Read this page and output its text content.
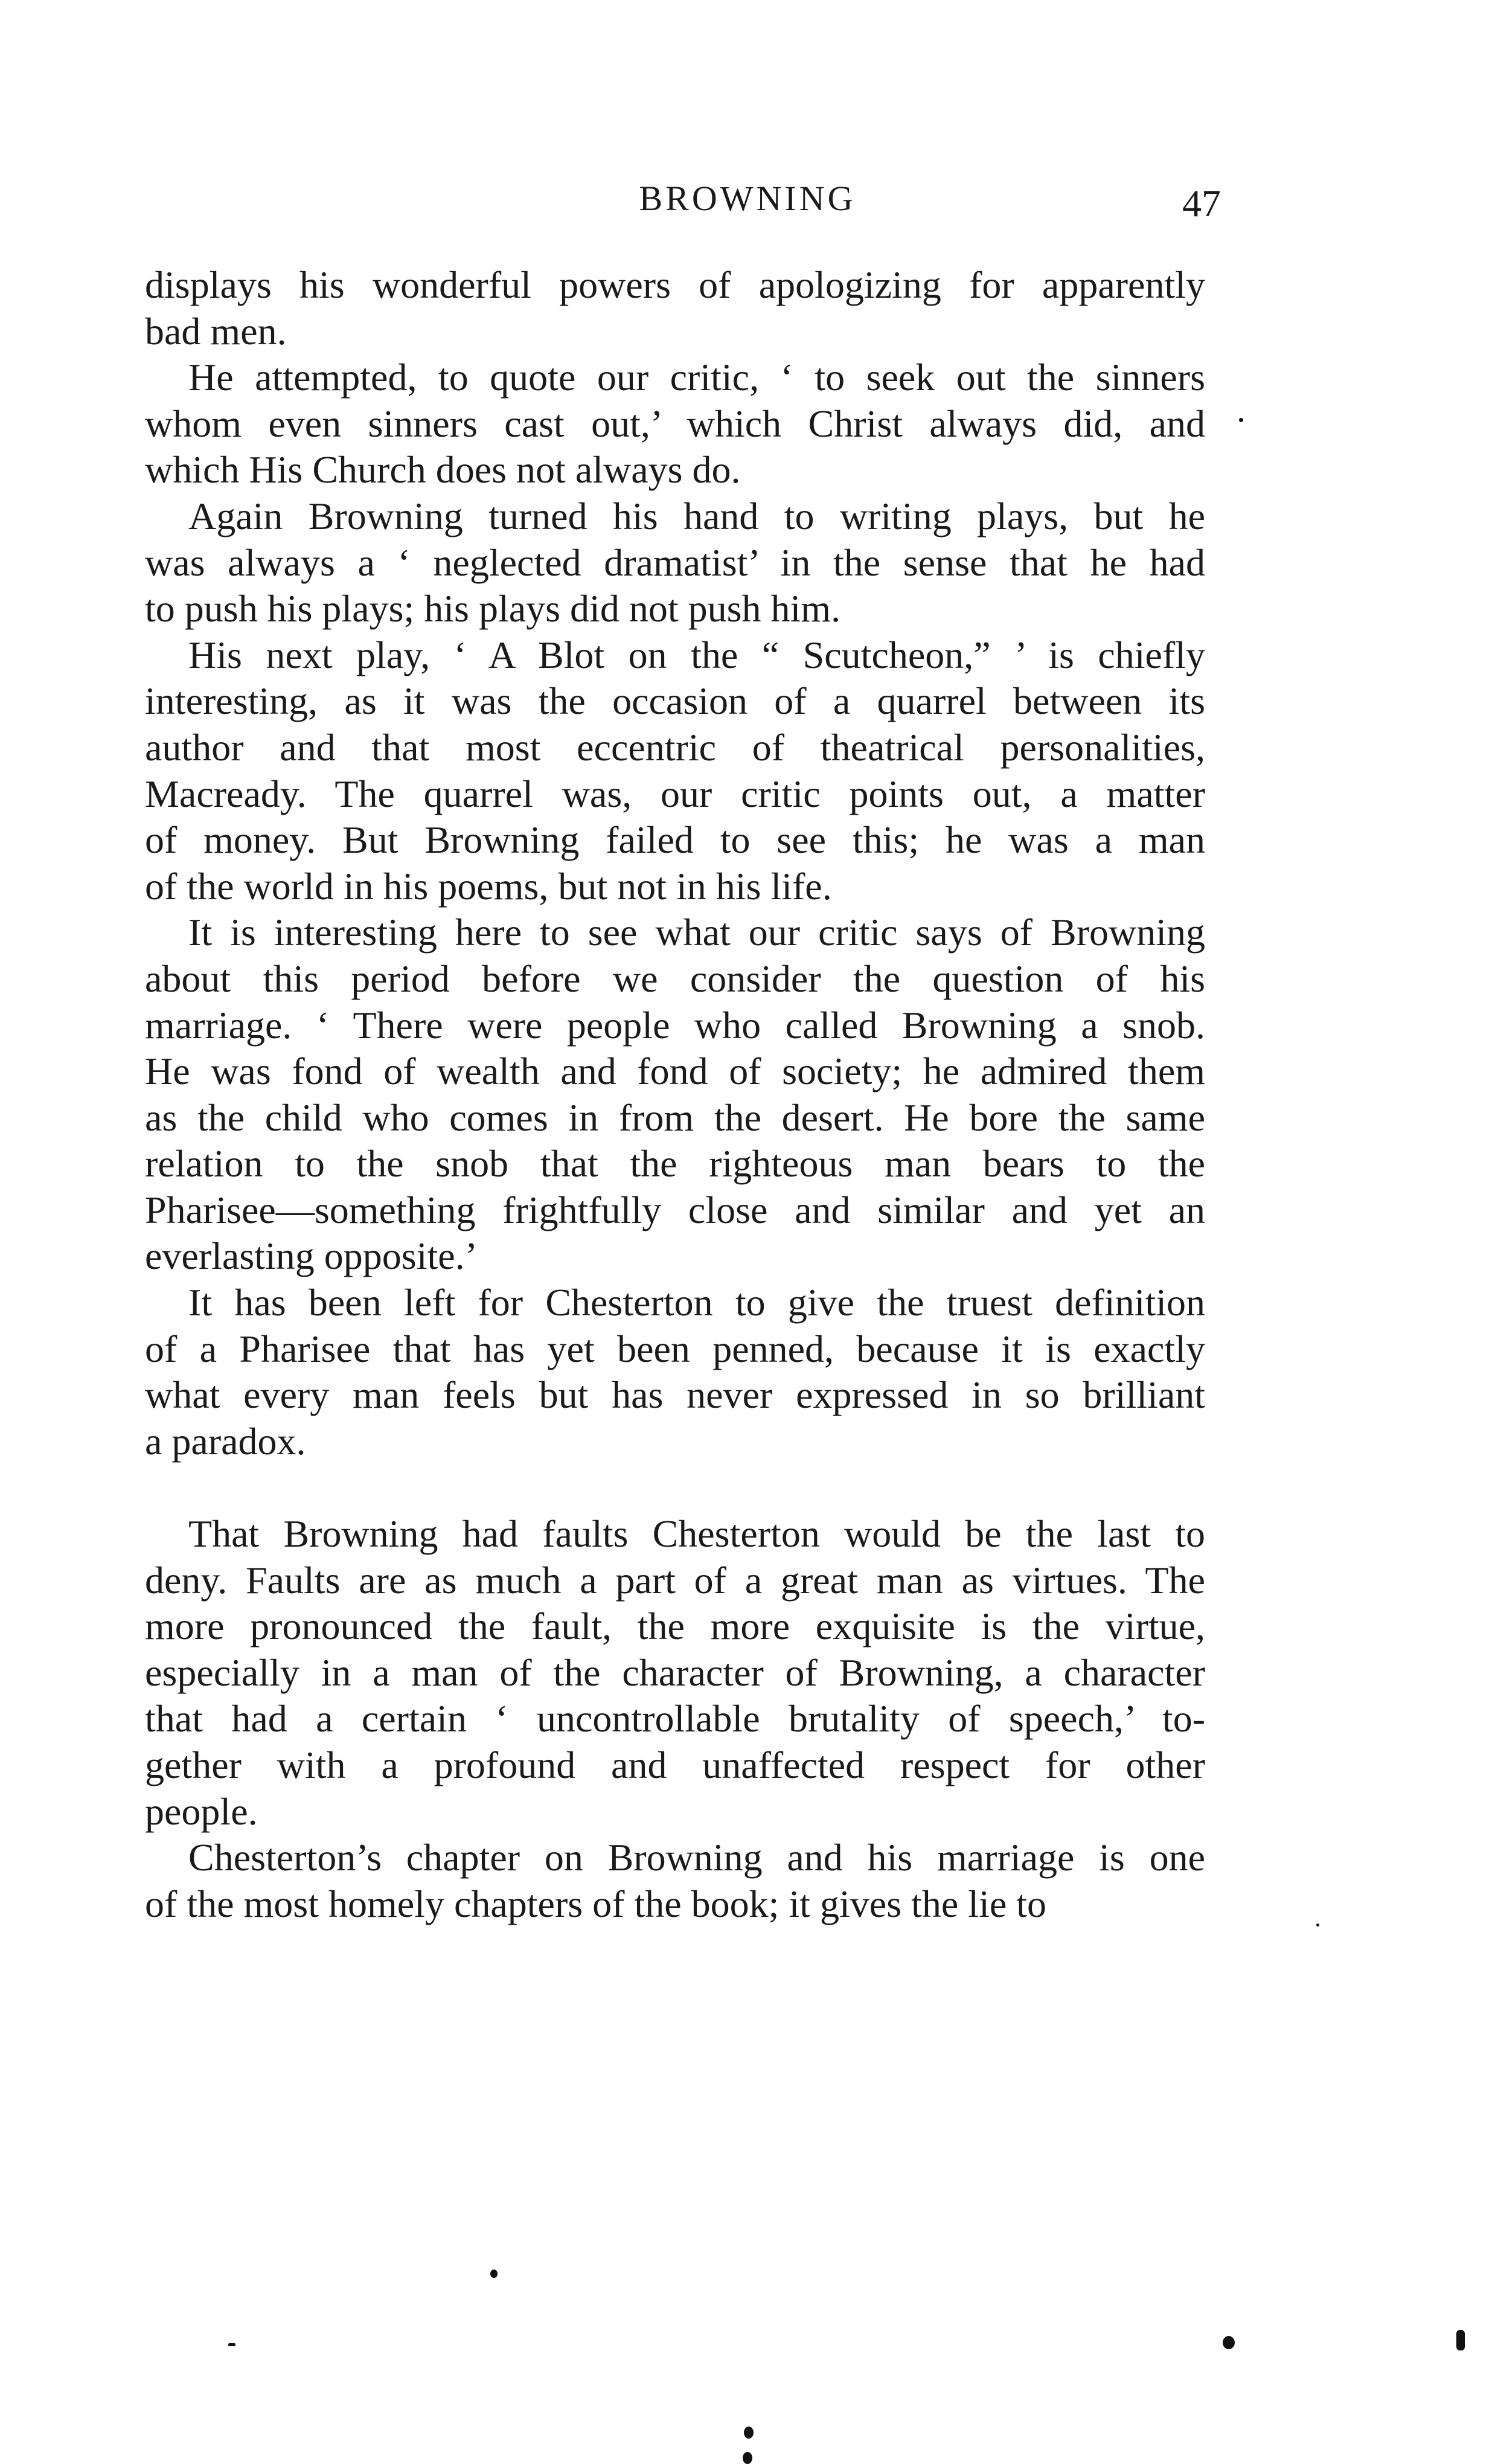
BROWNING	47
displays his wonderful powers of apologizing for apparently
bad men.
He attempted, to quote our critic, ‘ to seek out the sinners
whom even sinners cast out,’ which Christ always did, and
which His Church does not always do.
Again Browning turned his hand to writing plays, but he
was always a ‘ neglected dramatist’ in the sense that he had
to push his plays; his plays did not push him.
His next play, ‘ A Blot on the “ Scutcheon,” ’ is chiefly
interesting, as it was the occasion of a quarrel between its
author and that most eccentric of theatrical personalities,
Macready. The quarrel was, our critic points out, a matter
of money. But Browning failed to see this; he was a man
of the world in his poems, but not in his life.
It is interesting here to see what our critic says of Browning
about this period before we consider the question of his
marriage. ‘ There were people who called Browning a snob.
He was fond of wealth and fond of society; he admired them
as the child who comes in from the desert. He bore the same
relation to the snob that the righteous man bears to the
Pharisee—something frightfully close and similar and yet an
everlasting opposite.’
It has been left for Chesterton to give the truest definition
of a Pharisee that has yet been penned, because it is exactly
what every man feels but has never expressed in so brilliant
a paradox.
That Browning had faults Chesterton would be the last to
deny. Faults are as much a part of a great man as virtues. The
more pronounced the fault, the more exquisite is the virtue,
especially in a man of the character of Browning, a character
that had a certain ‘ uncontrollable brutality of speech,’ to-
gether with a profound and unaffected respect for other
people.
Chesterton’s chapter on Browning and his marriage is one
of the most homely chapters of the book; it gives the lie to
